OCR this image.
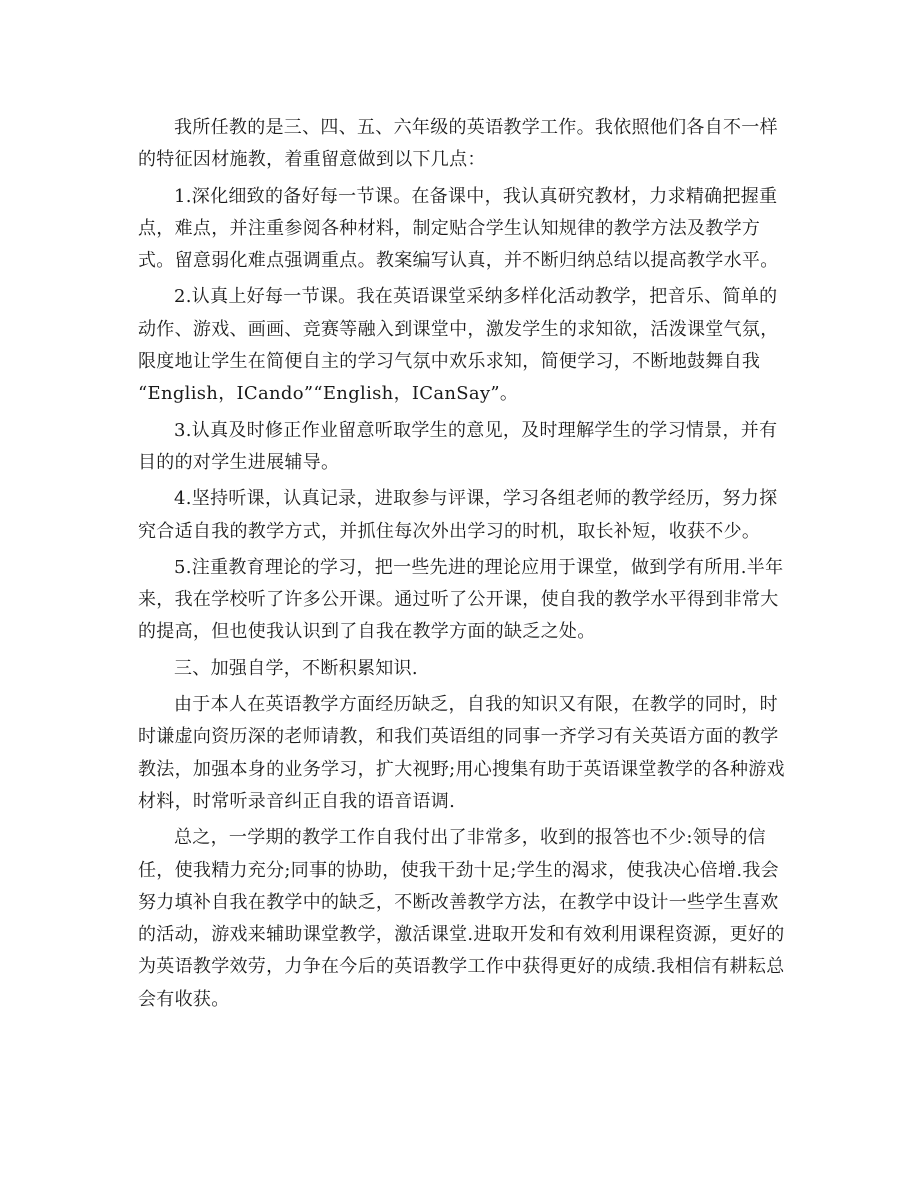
我所任教的是三、四、五、六年级的英语教学工作。我依照他们各自不一样
的特征因材施教，着重留意做到以下几点：

1.深化细致的备好每一节课。在备课中，我认真研究教材，力求精确把握重
点，难点，并注重参阅各种材料，制定贴合学生认知规律的教学方法及教学方
式。留意弱化难点强调重点。教案编写认真，并不断归纳总结以提高教学水平。

2.认真上好每一节课。我在英语课堂采纳多样化活动教学，把音乐、简单的
动作、游戏、画画、竞赛等融入到课堂中，激发学生的求知欲，活泼课堂气氛，
限度地让学生在简便自主的学习气氛中欢乐求知，简便学习，不断地鼓舞自我
“English，ICando”“English，ICanSay”。

3.认真及时修正作业留意听取学生的意见，及时理解学生的学习情景，并有
目的的对学生进展辅导。

4.坚持听课，认真记录，进取参与评课，学习各组老师的教学经历，努力探
究合适自我的教学方式，并抓住每次外出学习的时机，取长补短，收获不少。

5.注重教育理论的学习，把一些先进的理论应用于课堂，做到学有所用.半年
来，我在学校听了许多公开课。通过听了公开课，使自我的教学水平得到非常大
的提高，但也使我认识到了自我在教学方面的缺乏之处。

三、加强自学，不断积累知识.

由于本人在英语教学方面经历缺乏，自我的知识又有限，在教学的同时，时
时谦虚向资历深的老师请教，和我们英语组的同事一齐学习有关英语方面的教学
教法，加强本身的业务学习，扩大视野;用心搜集有助于英语课堂教学的各种游戏
材料，时常听录音纠正自我的语音语调.

总之，一学期的教学工作自我付出了非常多，收到的报答也不少:领导的信
任，使我精力充分;同事的协助，使我干劲十足;学生的渴求，使我决心倍增.我会
努力填补自我在教学中的缺乏，不断改善教学方法，在教学中设计一些学生喜欢
的活动，游戏来辅助课堂教学，激活课堂.进取开发和有效利用课程资源，更好的
为英语教学效劳，力争在今后的英语教学工作中获得更好的成绩.我相信有耕耘总
会有收获。
